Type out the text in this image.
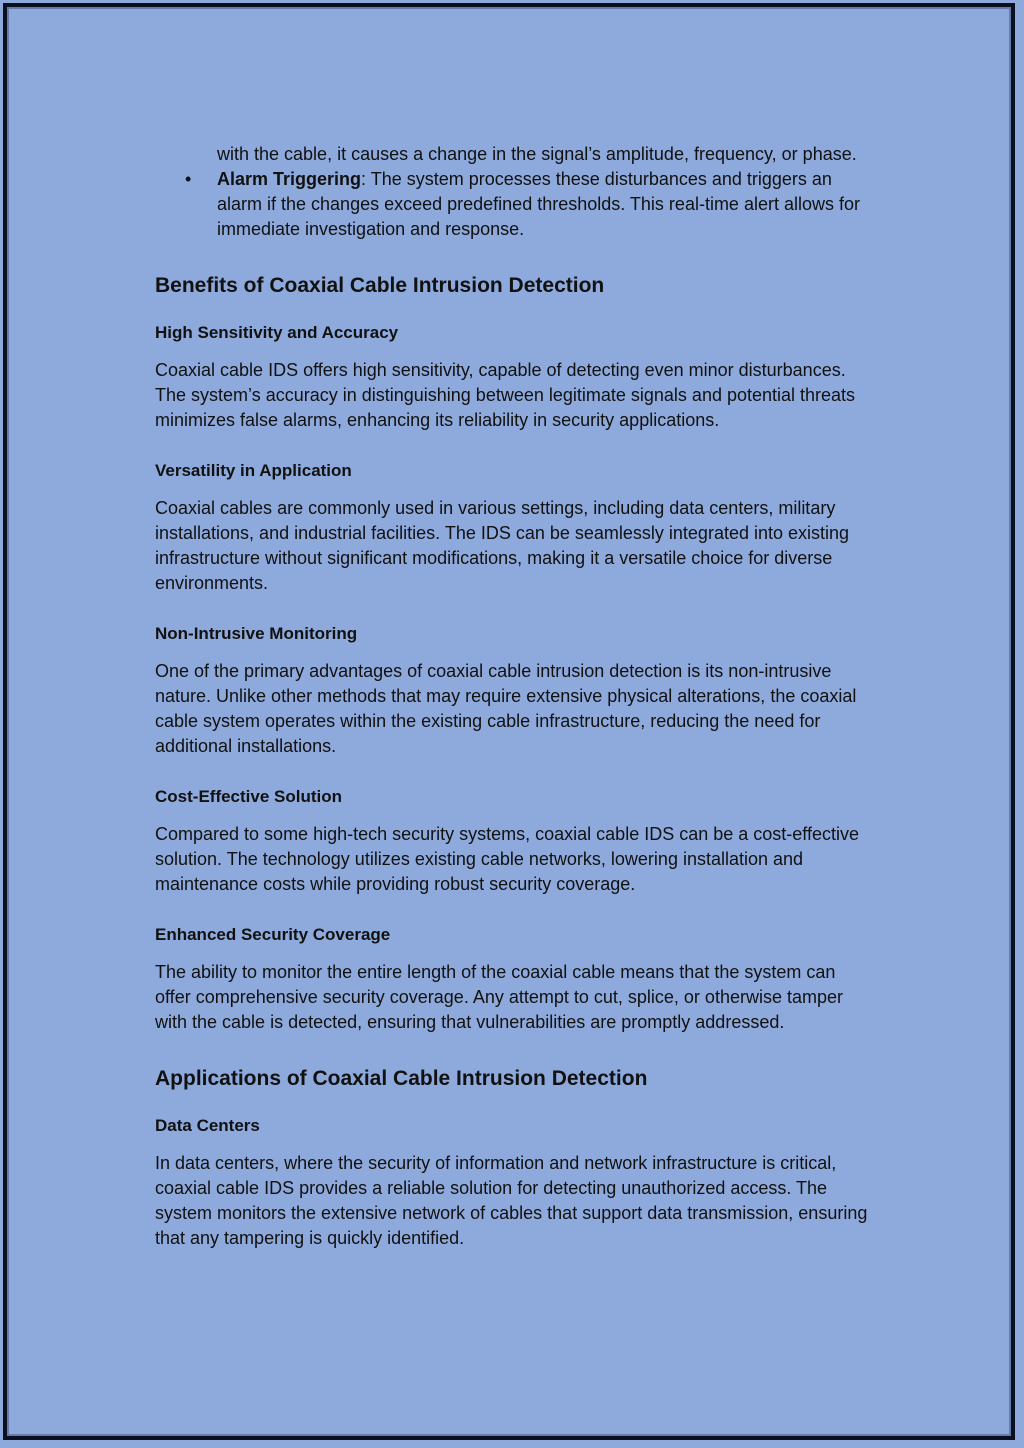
with the cable, it causes a change in the signal’s amplitude, frequency, or phase.

• Alarm Triggering: The system processes these disturbances and triggers an alarm if the changes exceed predefined thresholds. This real-time alert allows for immediate investigation and response.
Benefits of Coaxial Cable Intrusion Detection
High Sensitivity and Accuracy

Coaxial cable IDS offers high sensitivity, capable of detecting even minor disturbances. The system’s accuracy in distinguishing between legitimate signals and potential threats minimizes false alarms, enhancing its reliability in security applications.

Versatility in Application

Coaxial cables are commonly used in various settings, including data centers, military installations, and industrial facilities. The IDS can be seamlessly integrated into existing infrastructure without significant modifications, making it a versatile choice for diverse environments.

Non-Intrusive Monitoring

One of the primary advantages of coaxial cable intrusion detection is its non-intrusive nature. Unlike other methods that may require extensive physical alterations, the coaxial cable system operates within the existing cable infrastructure, reducing the need for additional installations.

Cost-Effective Solution

Compared to some high-tech security systems, coaxial cable IDS can be a cost-effective solution. The technology utilizes existing cable networks, lowering installation and maintenance costs while providing robust security coverage.

Enhanced Security Coverage

The ability to monitor the entire length of the coaxial cable means that the system can offer comprehensive security coverage. Any attempt to cut, splice, or otherwise tamper with the cable is detected, ensuring that vulnerabilities are promptly addressed.

Applications of Coaxial Cable Intrusion Detection
Data Centers

In data centers, where the security of information and network infrastructure is critical, coaxial cable IDS provides a reliable solution for detecting unauthorized access. The system monitors the extensive network of cables that support data transmission, ensuring that any tampering is quickly identified.
